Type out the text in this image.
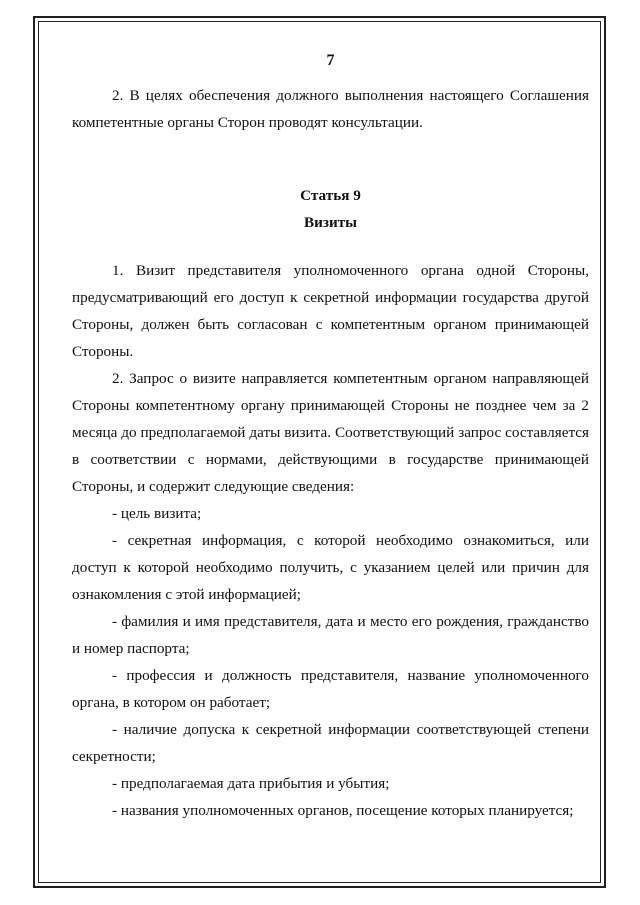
7

2. В целях обеспечения должного выполнения настоящего Соглашения компетентные органы Сторон проводят консультации.

Статья 9

Визиты

1. Визит представителя уполномоченного органа одной Стороны, предусматривающий его доступ к секретной информации государства другой Стороны, должен быть согласован с компетентным органом принимающей Стороны.

2. Запрос о визите направляется компетентным органом направляющей Стороны компетентному органу принимающей Стороны не позднее чем за 2 месяца до предполагаемой даты визита. Соответствующий запрос составляется в соответствии с нормами, действующими в государстве принимающей Стороны, и содержит следующие сведения:

- цель визита;

- секретная информация, с которой необходимо ознакомиться, или доступ к которой необходимо получить, с указанием целей или причин для ознакомления с этой информацией;

- фамилия и имя представителя, дата и место его рождения, гражданство и номер паспорта;

- профессия и должность представителя, название уполномоченного органа, в котором он работает;

- наличие допуска к секретной информации соответствующей степени секретности;

- предполагаемая дата прибытия и убытия;

- названия уполномоченных органов, посещение которых планируется;
